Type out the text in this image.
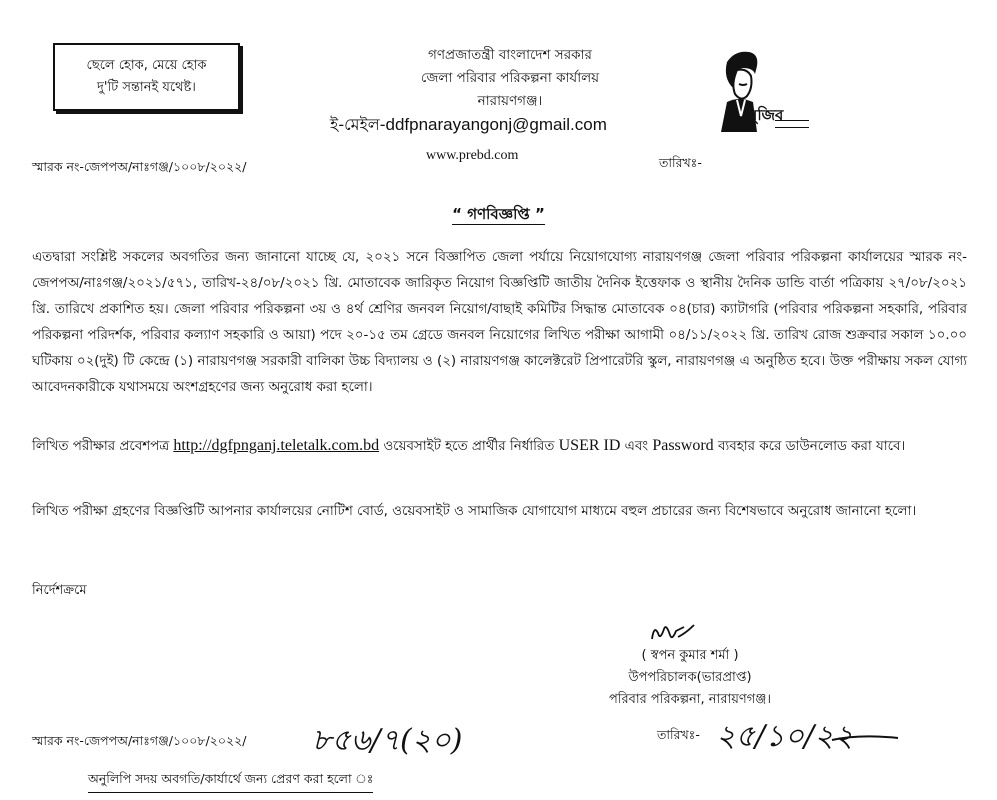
ছেলে হোক, মেয়ে হোক
দু'টি সন্তানই যথেষ্ট।
গণপ্রজাতন্ত্রী বাংলাদেশ সরকার
জেলা পরিবার পরিকল্পনা কার্যালয়
নারায়ণগঞ্জ।
ই-মেইল-ddfpnarayangonj@gmail.com
www.prebd.com
মুজিব
স্মারক নং-জেপপঅ/নাঃগঞ্জ/১০০৮/২০২২/	তারিখঃ-
“ গণবিজ্ঞপ্তি ”
এতদ্বারা সংশ্লিষ্ট সকলের অবগতির জন্য জানানো যাচ্ছে যে, ২০২১ সনে বিজ্ঞাপিত জেলা পর্যায়ে নিয়োগযোগ্য নারায়ণগঞ্জ জেলা পরিবার পরিকল্পনা কার্যালয়ের স্মারক নং- জেপপঅ/নাঃগঞ্জ/২০২১/৫৭১, তারিখ-২৪/০৮/২০২১ খ্রি. মোতাবেক জারিকৃত নিয়োগ বিজ্ঞপ্তিটি জাতীয় দৈনিক ইত্তেফাক ও স্থানীয় দৈনিক ডান্ডি বার্তা পত্রিকায় ২৭/০৮/২০২১ খ্রি. তারিখে প্রকাশিত হয়। জেলা পরিবার পরিকল্পনা ৩য় ও ৪র্থ শ্রেণির জনবল নিয়োগ/বাছাই কমিটির সিদ্ধান্ত মোতাবেক ০৪(চার) ক্যাটাগরি (পরিবার পরিকল্পনা সহকারি, পরিবার পরিকল্পনা পরিদর্শক, পরিবার কল্যাণ সহকারি ও আয়া) পদে ২০-১৫ তম গ্রেডে জনবল নিয়োগের লিখিত পরীক্ষা আগামী ০৪/১১/২০২২ খ্রি. তারিখ রোজ শুক্রবার সকাল ১০.০০ ঘটিকায় ০২(দুই) টি কেন্দ্রে (১) নারায়ণগঞ্জ সরকারী বালিকা উচ্চ বিদ্যালয় ও (২) নারায়ণগঞ্জ কালেক্টরেট প্রিপারেটরি স্কুল, নারায়ণগঞ্জ এ অনুষ্ঠিত হবে। উক্ত পরীক্ষায় সকল যোগ্য আবেদনকারীকে যথাসময়ে অংশগ্রহণের জন্য অনুরোধ করা হলো।
লিখিত পরীক্ষার প্রবেশপত্র http://dgfpnganj.teletalk.com.bd ওয়েবসাইট হতে প্রার্থীর নির্ধারিত USER ID এবং Password ব্যবহার করে ডাউনলোড করা যাবে।
লিখিত পরীক্ষা গ্রহণের বিজ্ঞপ্তিটি আপনার কার্যালয়ের নোটিশ বোর্ড, ওয়েবসাইট ও সামাজিক যোগাযোগ মাধ্যমে বহুল প্রচারের জন্য বিশেষভাবে অনুরোধ জানানো হলো।
নির্দেশক্রমে
( স্বপন কুমার শর্মা )
উপপরিচালক(ভারপ্রাপ্ত)
পরিবার পরিকল্পনা, নারায়ণগঞ্জ।
স্মারক নং-জেপপঅ/নাঃগঞ্জ/১০০৮/২০২২/ ৮৫৬/৭(২০)	তারিখঃ- ২৫/১০/২২
অনুলিপি সদয় অবগতি/কার্যার্থে জন্য প্রেরণ করা হলো ঃ
